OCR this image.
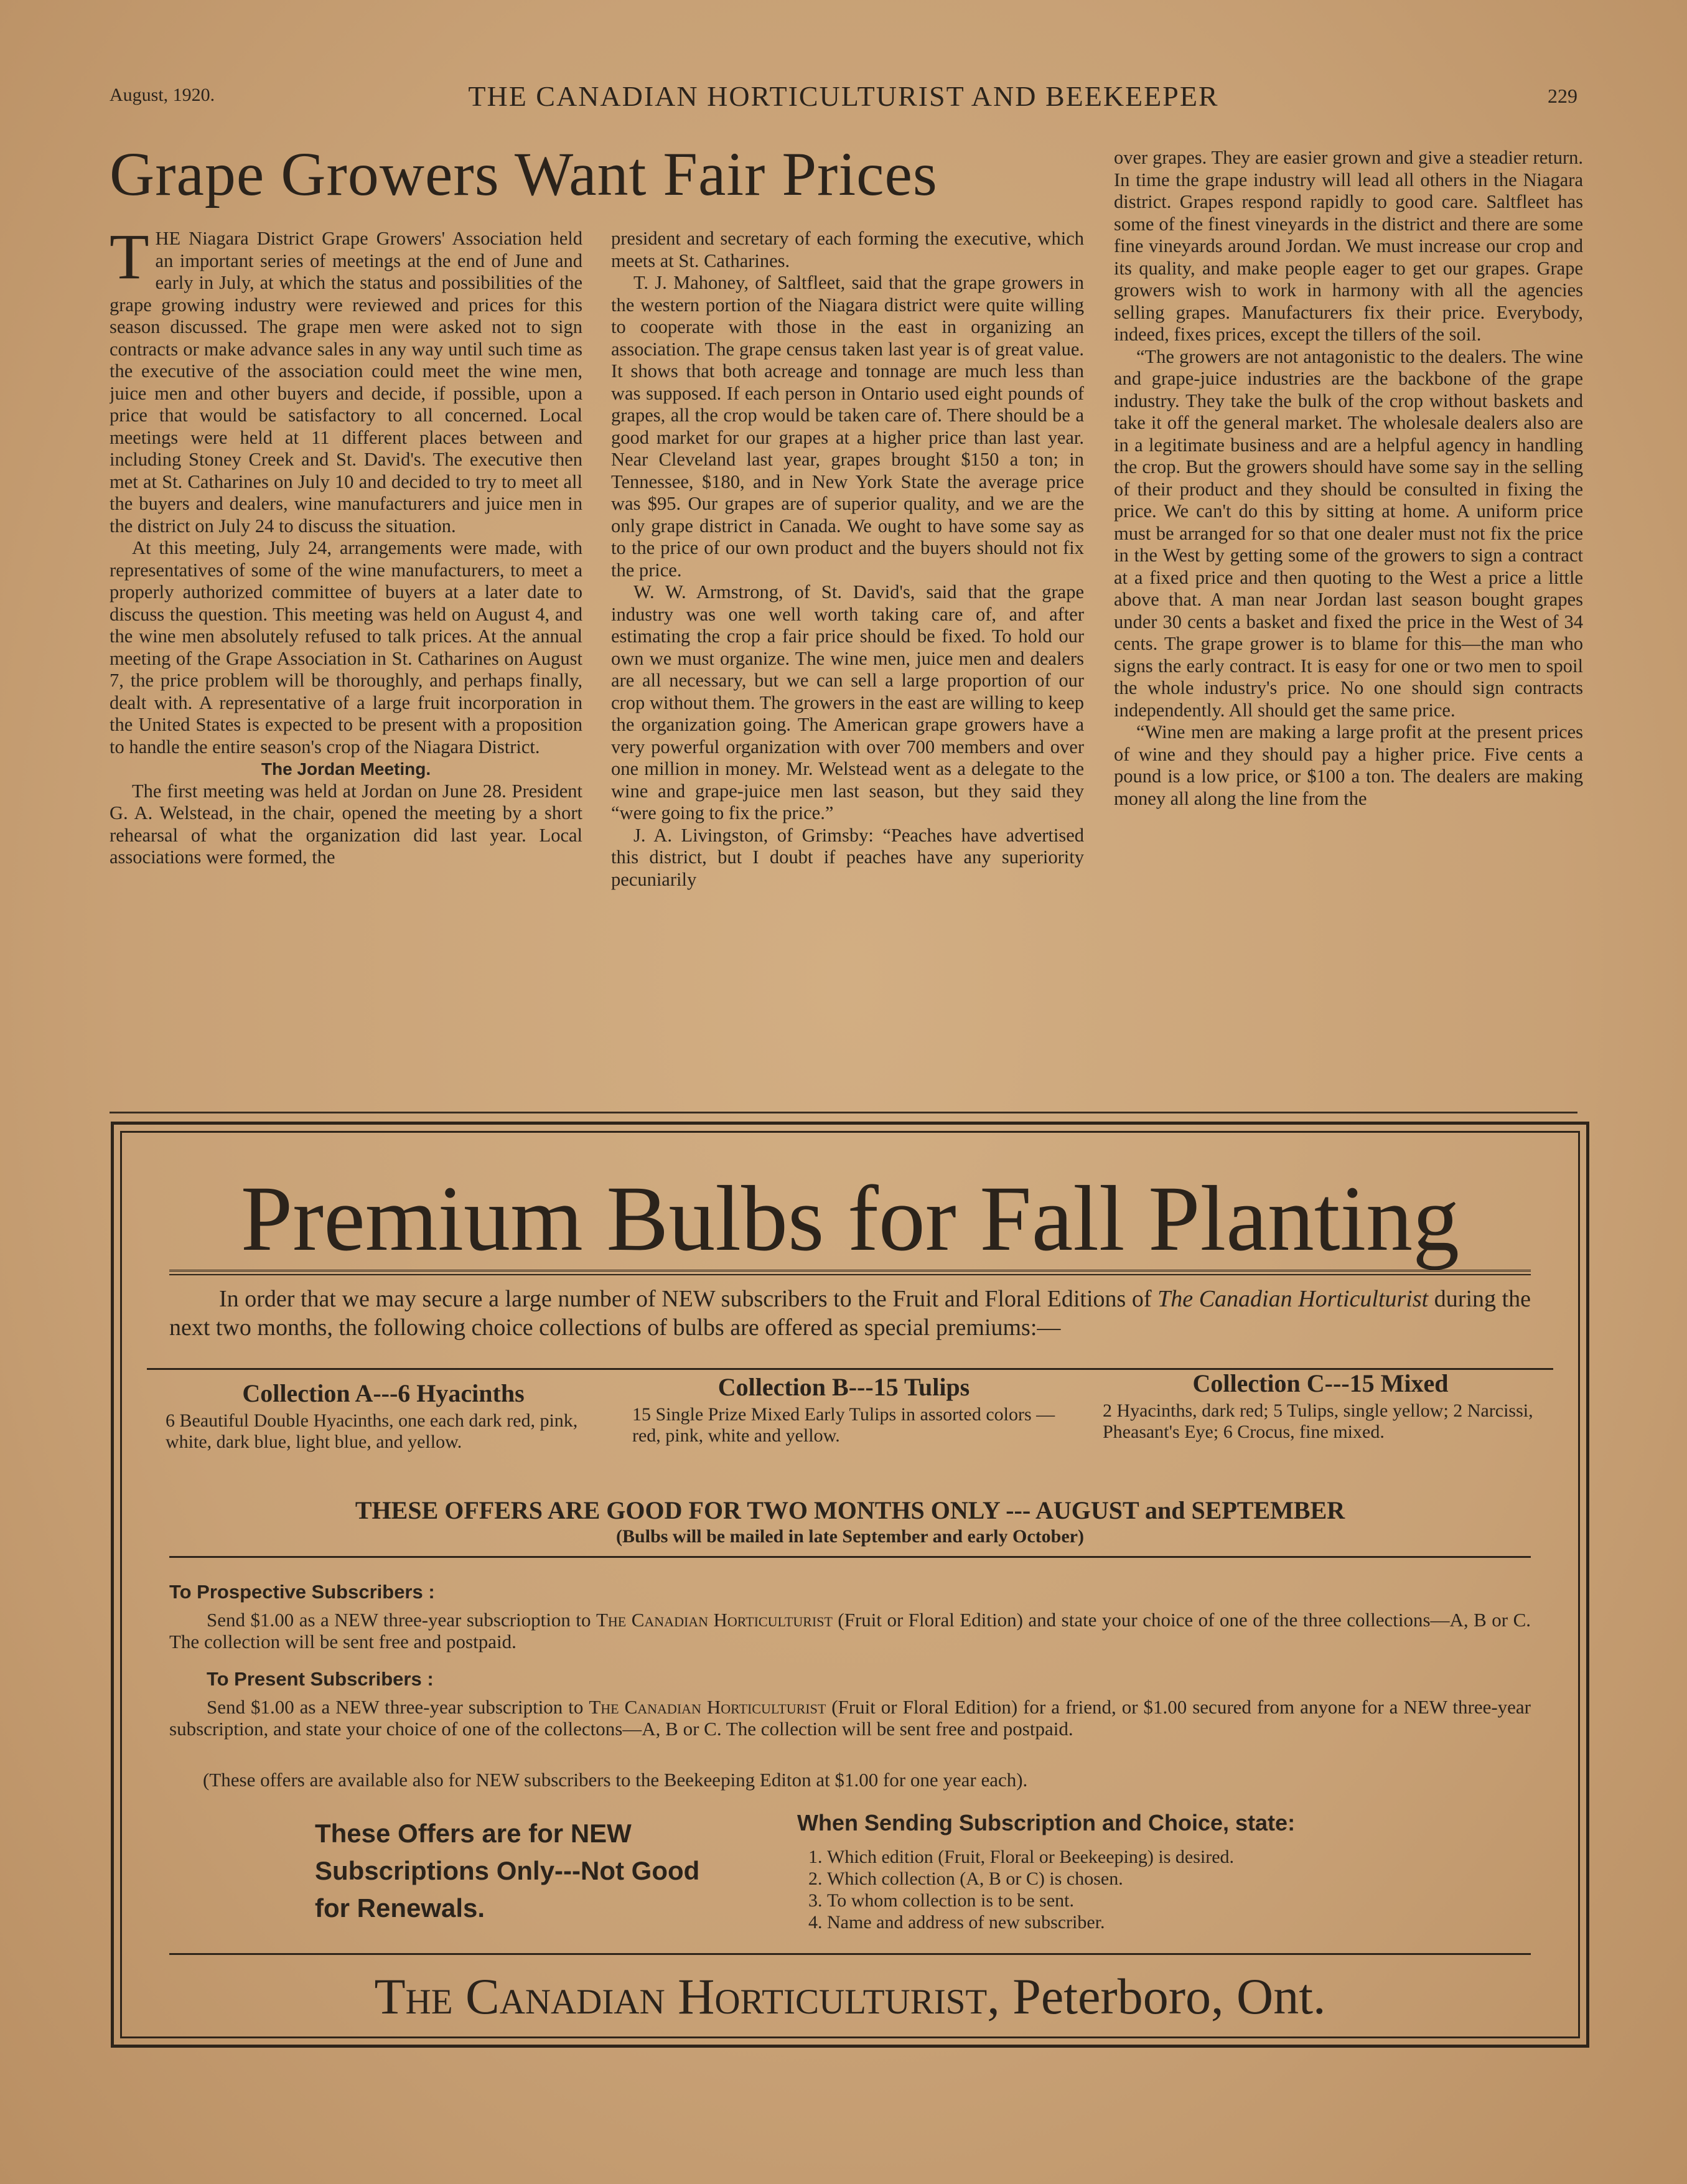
August, 1920.	THE CANADIAN HORTICULTURIST AND BEEKEEPER	229
Grape Growers Want Fair Prices

THE Niagara District Grape Growers' Association held an important series of meetings at the end of June and early in July, at which the status and possibilities of the grape growing industry were reviewed and prices for this season discussed. The grape men were asked not to sign contracts or make advance sales in any way until such time as the executive of the association could meet the wine men, juice men and other buyers and decide, if possible, upon a price that would be satisfactory to all concerned. Local meetings were held at 11 different places between and including Stoney Creek and St. David's. The executive then met at St. Catharines on July 10 and decided to try to meet all the buyers and dealers, wine manufacturers and juice men in the district on July 24 to discuss the situation.

At this meeting, July 24, arrangements were made, with representatives of some of the wine manufacturers, to meet a properly authorized committee of buyers at a later date to discuss the question. This meeting was held on August 4, and the wine men absolutely refused to talk prices. At the annual meeting of the Grape Association in St. Catharines on August 7, the price problem will be thoroughly, and perhaps finally, dealt with. A representative of a large fruit incorporation in the United States is expected to be present with a proposition to handle the entire season's crop of the Niagara District.

The Jordan Meeting.

The first meeting was held at Jordan on June 28. President G. A. Welstead, in the chair, opened the meeting by a short rehearsal of what the organization did last year. Local associations were formed, the

president and secretary of each forming the executive, which meets at St. Catharines.

T. J. Mahoney, of Saltfleet, said that the grape growers in the western portion of the Niagara district were quite willing to cooperate with those in the east in organizing an association. The grape census taken last year is of great value. It shows that both acreage and tonnage are much less than was supposed. If each person in Ontario used eight pounds of grapes, all the crop would be taken care of. There should be a good market for our grapes at a higher price than last year. Near Cleveland last year, grapes brought $150 a ton; in Tennessee, $180, and in New York State the average price was $95. Our grapes are of superior quality, and we are the only grape district in Canada. We ought to have some say as to the price of our own product and the buyers should not fix the price.

W. W. Armstrong, of St. David's, said that the grape industry was one well worth taking care of, and after estimating the crop a fair price should be fixed. To hold our own we must organize. The wine men, juice men and dealers are all necessary, but we can sell a large proportion of our crop without them. The growers in the east are willing to keep the organization going. The American grape growers have a very powerful organization with over 700 members and over one million in money. Mr. Welstead went as a delegate to the wine and grape-juice men last season, but they said they “were going to fix the price.”

J. A. Livingston, of Grimsby: “Peaches have advertised this district, but I doubt if peaches have any superiority pecuniarily

over grapes. They are easier grown and give a steadier return. In time the grape industry will lead all others in the Niagara district. Grapes respond rapidly to good care. Saltfleet has some of the finest vineyards in the district and there are some fine vineyards around Jordan. We must increase our crop and its quality, and make people eager to get our grapes. Grape growers wish to work in harmony with all the agencies selling grapes. Manufacturers fix their price. Everybody, indeed, fixes prices, except the tillers of the soil.

“The growers are not antagonistic to the dealers. The wine and grape-juice industries are the backbone of the grape industry. They take the bulk of the crop without baskets and take it off the general market. The wholesale dealers also are in a legitimate business and are a helpful agency in handling the crop. But the growers should have some say in the selling of their product and they should be consulted in fixing the price. We can't do this by sitting at home. A uniform price must be arranged for so that one dealer must not fix the price in the West by getting some of the growers to sign a contract at a fixed price and then quoting to the West a price a little above that. A man near Jordan last season bought grapes under 30 cents a basket and fixed the price in the West of 34 cents. The grape grower is to blame for this—the man who signs the early contract. It is easy for one or two men to spoil the whole industry's price. No one should sign contracts independently. All should get the same price.

“Wine men are making a large profit at the present prices of wine and they should pay a higher price. Five cents a pound is a low price, or $100 a ton. The dealers are making money all along the line from the

Premium Bulbs for Fall Planting
In order that we may secure a large number of NEW subscribers to the Fruit and Floral Editions of The Canadian Horticulturist during the next two months, the following choice collections of bulbs are offered as special premiums:—
Collection A---6 Hyacinths
6 Beautiful Double Hyacinths, one each dark red, pink, white, dark blue, light blue, and yellow.
Collection B---15 Tulips
15 Single Prize Mixed Early Tulips in assorted colors — red, pink, white and yellow.
Collection C---15 Mixed
2 Hyacinths, dark red; 5 Tulips, single yellow; 2 Narcissi, Pheasant's Eye; 6 Crocus, fine mixed.
THESE OFFERS ARE GOOD FOR TWO MONTHS ONLY --- AUGUST and SEPTEMBER
(Bulbs will be mailed in late September and early October)
To Prospective Subscribers :
Send $1.00 as a NEW three-year subscrioption to The Canadian Horticulturist (Fruit or Floral Edition) and state your choice of one of the three collections—A, B or C. The collection will be sent free and postpaid.
To Present Subscribers :
Send $1.00 as a NEW three-year subscription to The Canadian Horticulturist (Fruit or Floral Edition) for a friend, or $1.00 secured from anyone for a NEW three-year subscription, and state your choice of one of the collectons—A, B or C. The collection will be sent free and postpaid.
(These offers are available also for NEW subscribers to the Beekeeping Editon at $1.00 for one year each).
These Offers are for NEW Subscriptions Only---Not Good for Renewals.
When Sending Subscription and Choice, state:
1. Which edition (Fruit, Floral or Beekeeping) is desired.
2. Which collection (A, B or C) is chosen.
3. To whom collection is to be sent.
4. Name and address of new subscriber.
The Canadian Horticulturist, Peterboro, Ont.
